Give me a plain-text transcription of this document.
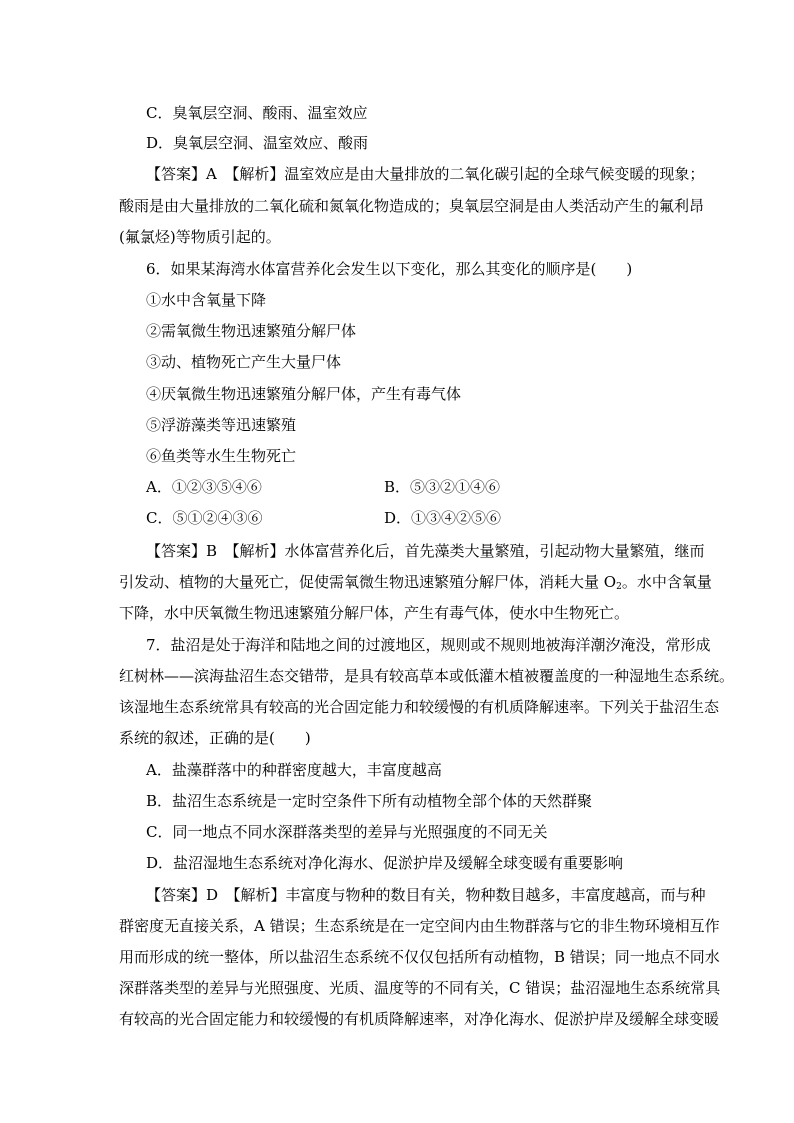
C．臭氧层空洞、酸雨、温室效应
D．臭氧层空洞、温室效应、酸雨
【答案】A　【解析】温室效应是由大量排放的二氧化碳引起的全球气候变暖的现象；
酸雨是由大量排放的二氧化硫和氮氧化物造成的；臭氧层空洞是由人类活动产生的氟利昂
(氟氯烃)等物质引起的。
6．如果某海湾水体富营养化会发生以下变化，那么其变化的顺序是(　　)
①水中含氧量下降
②需氧微生物迅速繁殖分解尸体
③动、植物死亡产生大量尸体
④厌氧微生物迅速繁殖分解尸体，产生有毒气体
⑤浮游藻类等迅速繁殖
⑥鱼类等水生生物死亡
A．①②③⑤④⑥	B．⑤③②①④⑥
C．⑤①②④③⑥	D．①③④②⑤⑥
【答案】B　【解析】水体富营养化后，首先藻类大量繁殖，引起动物大量繁殖，继而
引发动、植物的大量死亡，促使需氧微生物迅速繁殖分解尸体，消耗大量 $O_2$。水中含氧量
下降，水中厌氧微生物迅速繁殖分解尸体，产生有毒气体，使水中生物死亡。
7．盐沼是处于海洋和陆地之间的过渡地区，规则或不规则地被海洋潮汐淹没，常形成
红树林——滨海盐沼生态交错带，是具有较高草本或低灌木植被覆盖度的一种湿地生态系统。
该湿地生态系统常具有较高的光合固定能力和较缓慢的有机质降解速率。下列关于盐沼生态
系统的叙述，正确的是(　　)
A．盐藻群落中的种群密度越大，丰富度越高
B．盐沼生态系统是一定时空条件下所有动植物全部个体的天然群聚
C．同一地点不同水深群落类型的差异与光照强度的不同无关
D．盐沼湿地生态系统对净化海水、促淤护岸及缓解全球变暖有重要影响
【答案】D　【解析】丰富度与物种的数目有关，物种数目越多，丰富度越高，而与种
群密度无直接关系，A 错误；生态系统是在一定空间内由生物群落与它的非生物环境相互作
用而形成的统一整体，所以盐沼生态系统不仅仅包括所有动植物，B 错误；同一地点不同水
深群落类型的差异与光照强度、光质、温度等的不同有关，C 错误；盐沼湿地生态系统常具
有较高的光合固定能力和较缓慢的有机质降解速率，对净化海水、促淤护岸及缓解全球变暖
